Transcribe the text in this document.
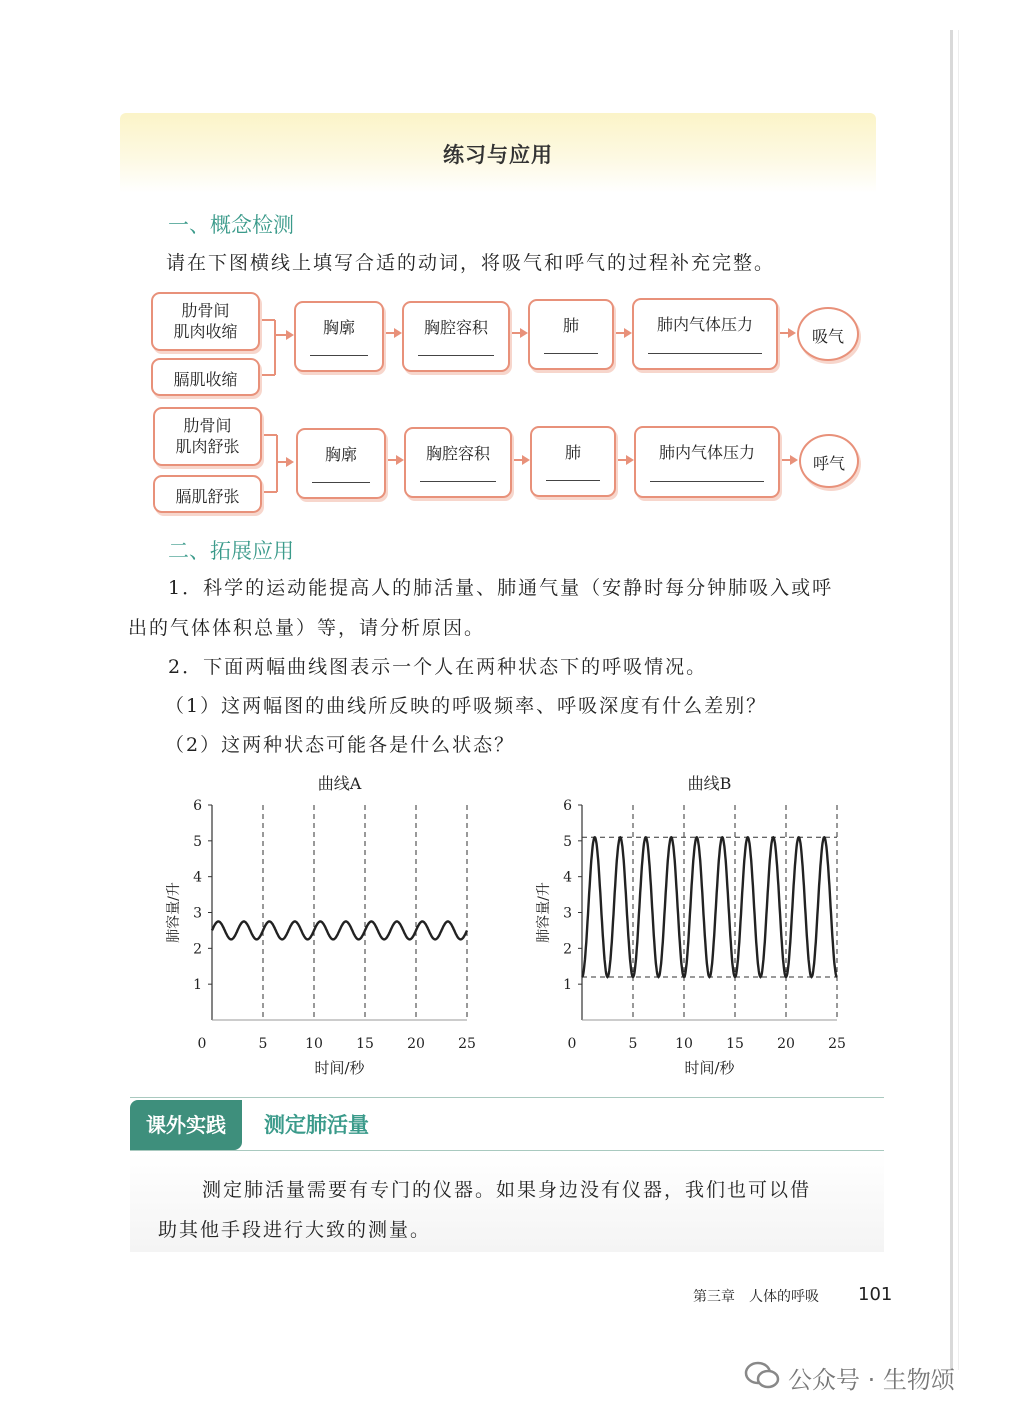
练习与应用
一、概念检测
请在下图横线上填写合适的动词，将吸气和呼气的过程补充完整。
肋骨间
肌肉收缩
膈肌收缩
胸廓	胸腔容积	肺	肺内气体压力
吸气
肋骨间
肌肉舒张
膈肌舒张
胸廓	胸腔容积	肺	肺内气体压力
呼气
二、拓展应用
1．科学的运动能提高人的肺活量、肺通气量（安静时每分钟肺吸入或呼
出的气体体积总量）等，请分析原因。
2．下面两幅曲线图表示一个人在两种状态下的呼吸情况。
（1）这两幅图的曲线所反映的呼吸频率、呼吸深度有什么差别？
（2）这两种状态可能各是什么状态？
曲线A
1
2
3
4
5
6
0	5	10 15 20 25
时间/秒
肺容量/升
曲线B
1
2
3
4
5
6
0	5	10 15 20 25
时间/秒
肺容量/升
课外实践	测定肺活量
测定肺活量需要有专门的仪器。如果身边没有仪器，我们也可以借
助其他手段进行大致的测量。
第三章　人体的呼吸 101
公众号 · 生物颂
